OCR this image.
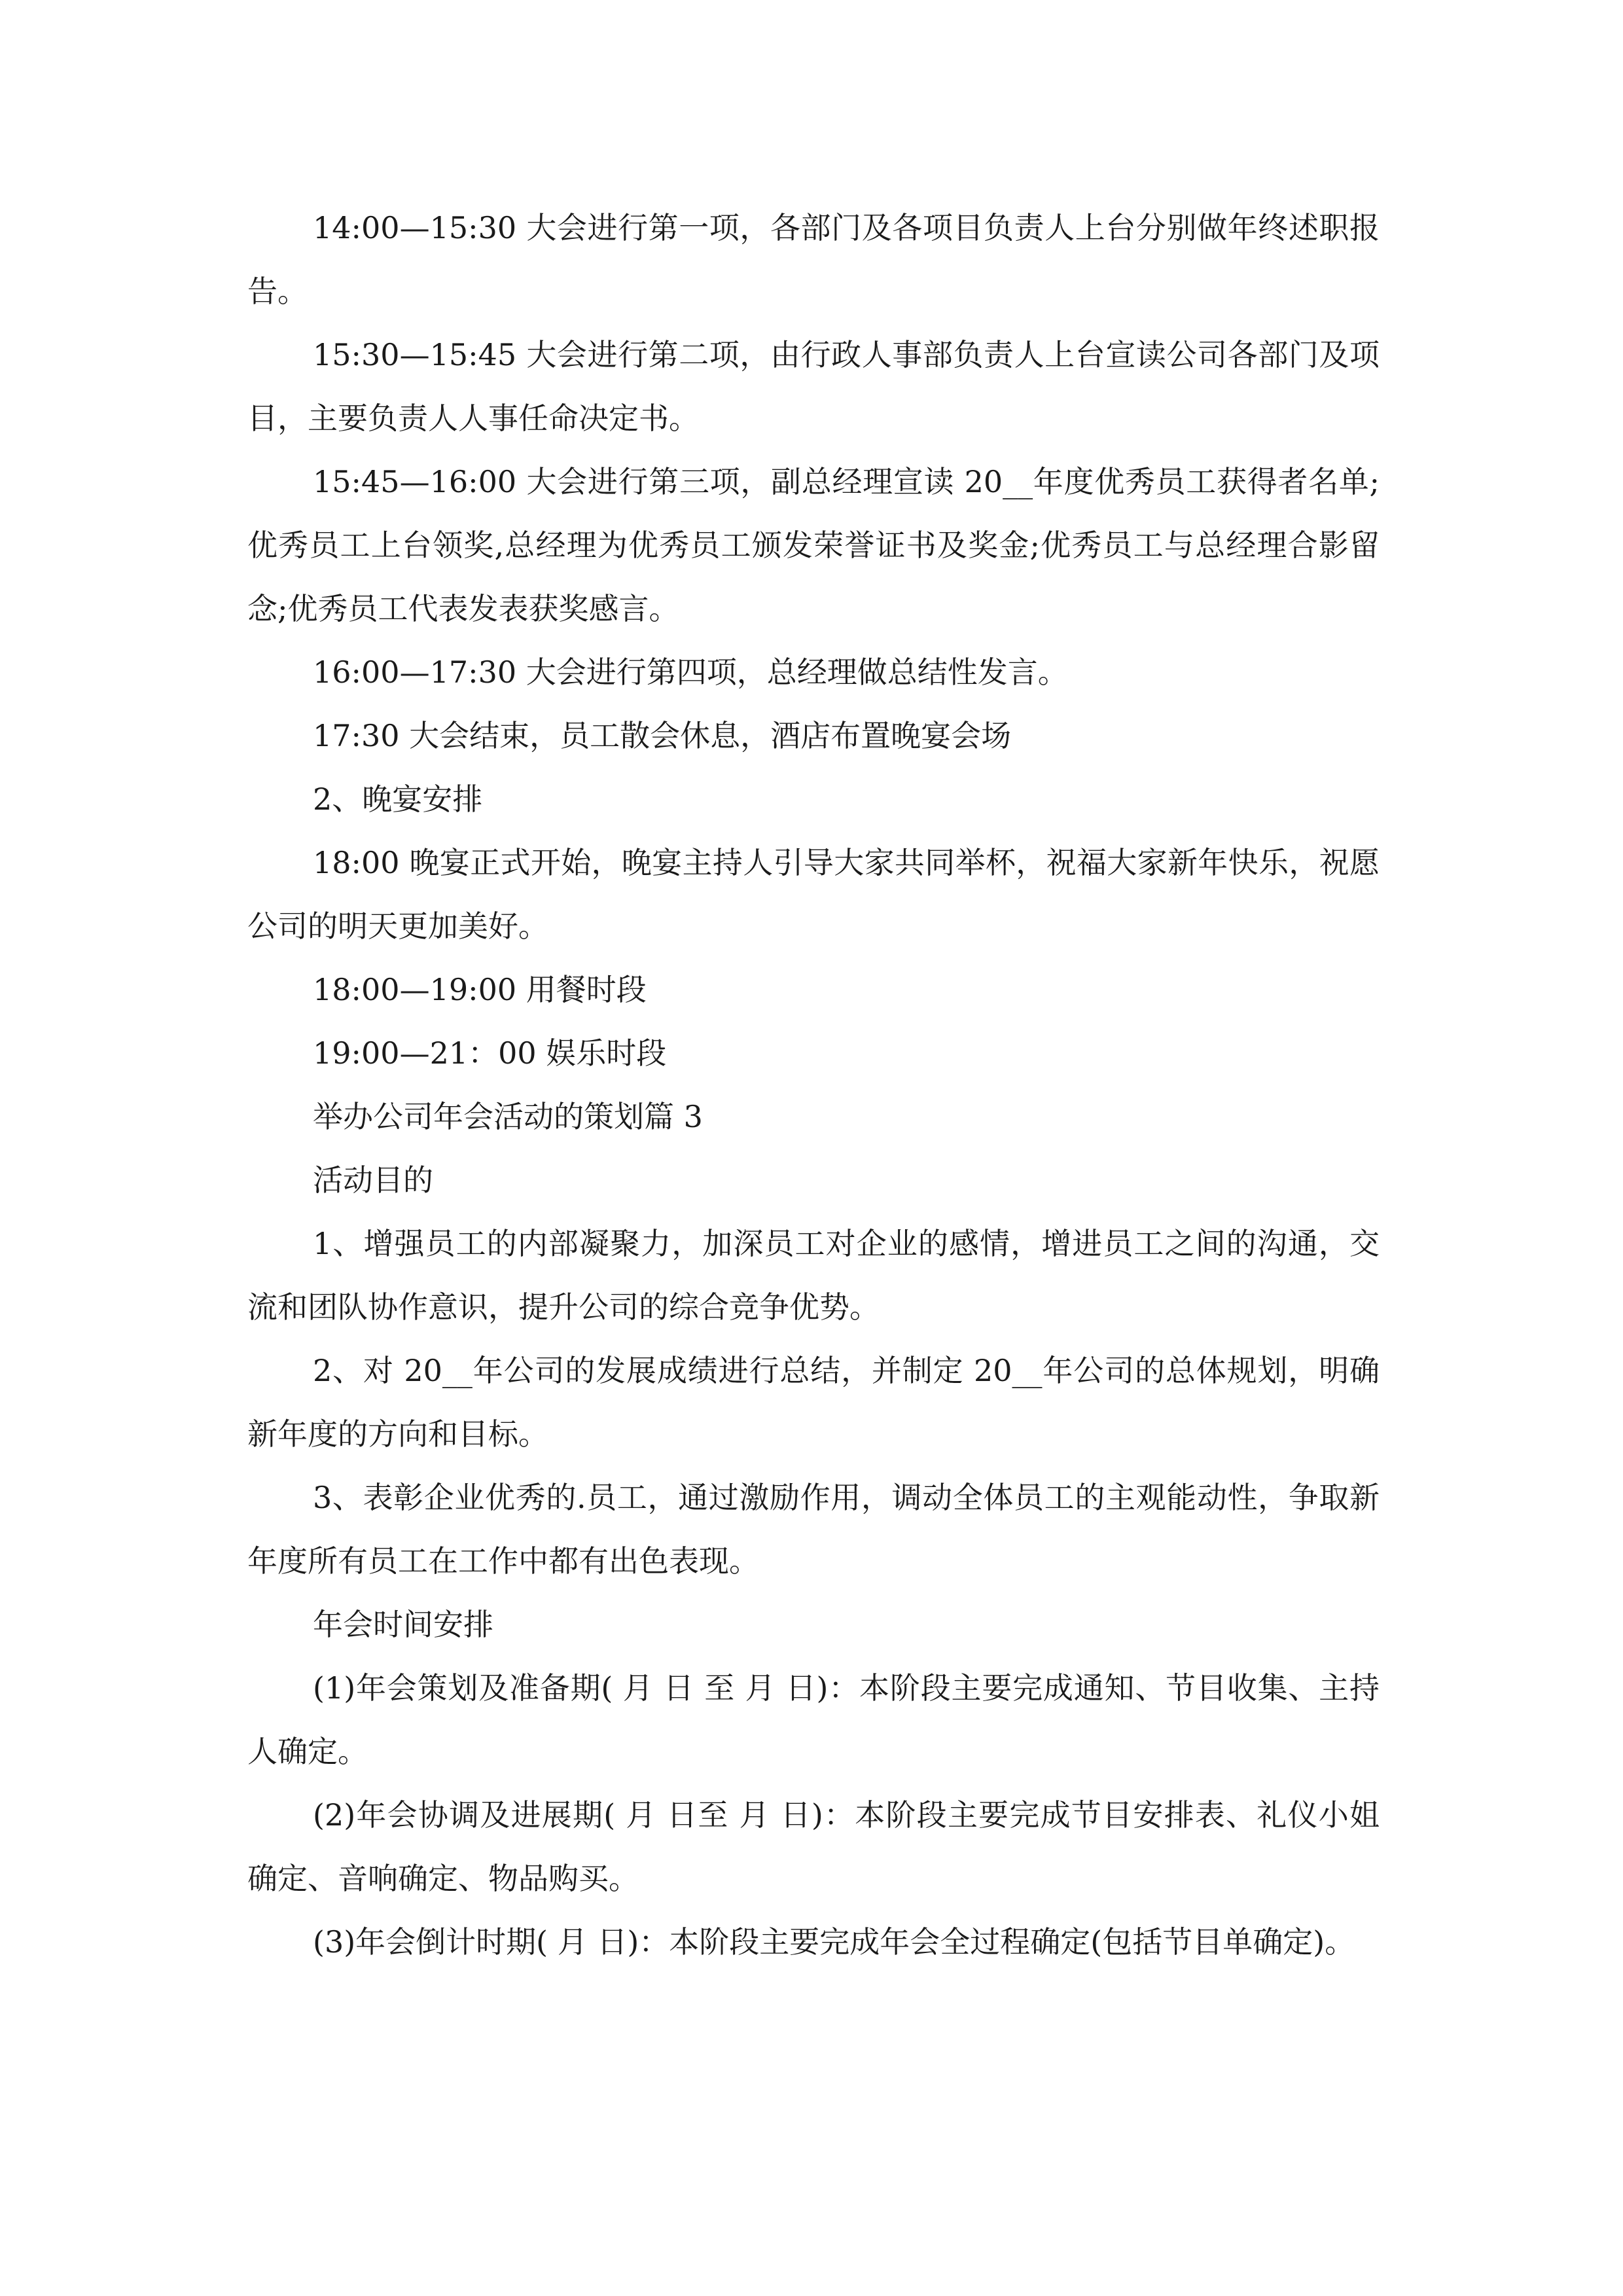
14:00—15:30 大会进行第一项，各部门及各项目负责人上台分别做年终述职报告。

15:30—15:45 大会进行第二项，由行政人事部负责人上台宣读公司各部门及项目，主要负责人人事任命决定书。

15:45—16:00 大会进行第三项，副总经理宣读 20__年度优秀员工获得者名单;优秀员工上台领奖,总经理为优秀员工颁发荣誉证书及奖金;优秀员工与总经理合影留念;优秀员工代表发表获奖感言。

16:00—17:30 大会进行第四项，总经理做总结性发言。

17:30 大会结束，员工散会休息，酒店布置晚宴会场

2、晚宴安排

18:00 晚宴正式开始，晚宴主持人引导大家共同举杯，祝福大家新年快乐，祝愿公司的明天更加美好。

18:00—19:00 用餐时段

19:00—21：00 娱乐时段

举办公司年会活动的策划篇 3

活动目的

1、增强员工的内部凝聚力，加深员工对企业的感情，增进员工之间的沟通，交流和团队协作意识，提升公司的综合竞争优势。

2、对 20__年公司的发展成绩进行总结，并制定 20__年公司的总体规划，明确新年度的方向和目标。

3、表彰企业优秀的.员工，通过激励作用，调动全体员工的主观能动性，争取新年度所有员工在工作中都有出色表现。

年会时间安排

(1)年会策划及准备期( 月 日 至 月 日)：本阶段主要完成通知、节目收集、主持人确定。

(2)年会协调及进展期( 月 日至 月 日)：本阶段主要完成节目安排表、礼仪小姐确定、音响确定、物品购买。

(3)年会倒计时期( 月 日)：本阶段主要完成年会全过程确定(包括节目单确定)。
